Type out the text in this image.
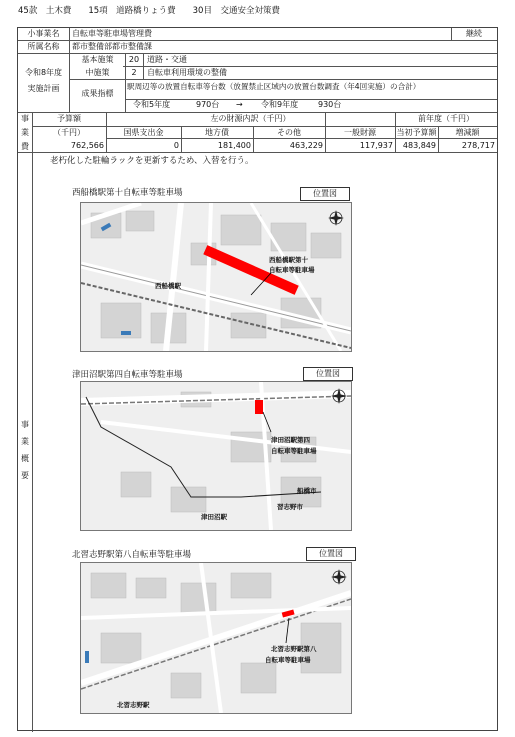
45款　土木費　　15項　道路橋りょう費　　30目　交通安全対策費
小事業名	自転車等駐車場管理費	継続
所属名称	都市整備部都市整備課
令和8年度
実施計画
基本施策	20 道路・交通
中施策	2	自転車利用環境の整備
成果指標
駅周辺等の放置自転車等台数（放置禁止区域内の放置台数調査（年4回実施）の合計）
令和5年度	970台 → 令和9年度 930台
事
業
費
予算額
（千円）
左の財源内訳（千円）	前年度（千円）
国県支出金	地方債	その他	一般財源	当初予算額	増減額
762,566	0	181,400	463,229	117,937	483,849	278,717
事
業
概
要
老朽化した駐輪ラックを更新するため、入替を行う。
西船橋駅第十自転車等駐車場	位置図
西船橋駅第十
自転車等駐車場
西船橋駅
津田沼駅第四自転車等駐車場	位置図
津田沼駅第四
自転車等駐車場
船橋市
習志野市
津田沼駅
北習志野駅第八自転車等駐車場	位置図
北習志野駅第八
自転車等駐車場
北習志野駅
